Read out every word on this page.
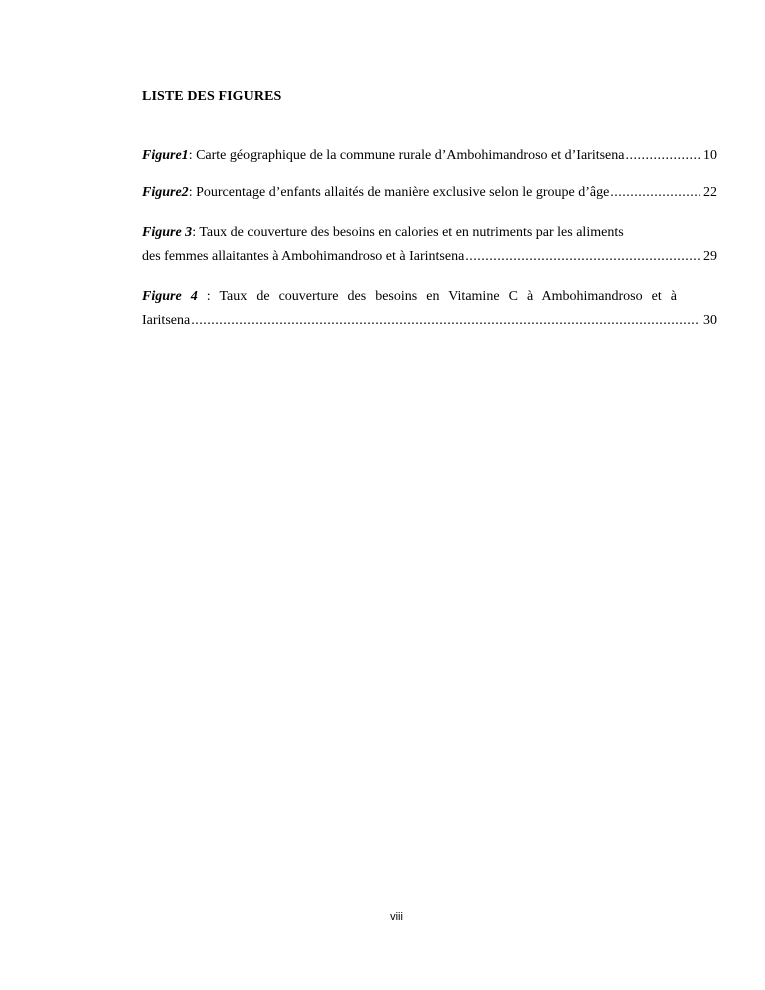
LISTE DES FIGURES
Figure1 : Carte géographique de la commune rurale d’Ambohimandroso et d’Iaritsena .....	10
Figure2 : Pourcentage d’enfants allaités de manière exclusive selon le groupe d’âge .....	22
Figure 3 : Taux de couverture des besoins en calories et en nutriments par les aliments
des femmes allaitantes à Ambohimandroso et à Iarintsena .....	29
Figure 4 : Taux de couverture des besoins en Vitamine C à Ambohimandroso et à
Iaritsena .....	30
viii
